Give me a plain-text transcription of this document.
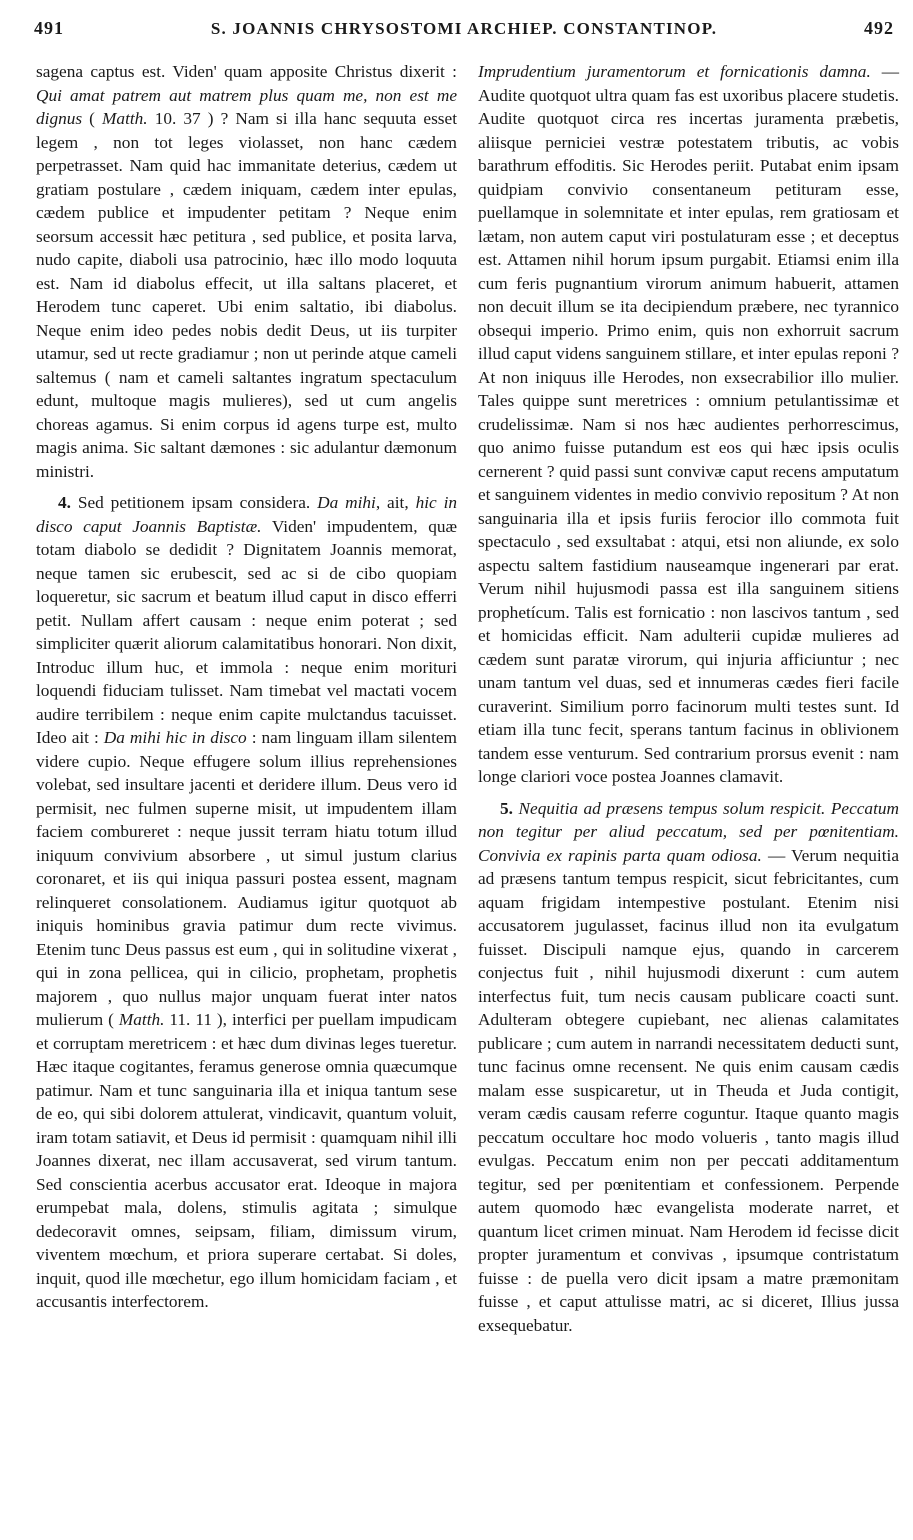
491	S. JOANNIS CHRYSOSTOMI ARCHIEP. CONSTANTINOP.	492

sagena captus est. Viden' quam apposite Christus dixerit : Qui amat patrem aut matrem plus quam me, non est me dignus ( Matth. 10. 37 ) ? Nam si illa hanc sequuta esset legem , non tot leges violasset, non hanc cædem perpetrasset. Nam quid hac immanitate deterius, cædem ut gratiam postulare , cædem iniquam, cædem inter epulas, cædem publice et impudenter petitam ? Neque enim seorsum accessit hæc petitura , sed publice, et posita larva, nudo capite, diaboli usa patrocinio, hæc illo modo loquuta est. Nam id diabolus effecit, ut illa saltans placeret, et Herodem tunc caperet. Ubi enim saltatio, ibi diabolus. Neque enim ideo pedes nobis dedit Deus, ut iis turpiter utamur, sed ut recte gradiamur ; non ut perinde atque cameli saltemus ( nam et cameli saltantes ingratum spectaculum edunt, multoque magis mulieres), sed ut cum angelis choreas agamus. Si enim corpus id agens turpe est, multo magis anima. Sic saltant dæmones : sic adulantur dæmonum ministri.

4. Sed petitionem ipsam considera. Da mihi, ait, hic in disco caput Joannis Baptistæ. Viden' impudentem, quæ totam diabolo se dedidit ? Dignitatem Joannis memorat, neque tamen sic erubescit, sed ac si de cibo quopiam loqueretur, sic sacrum et beatum illud caput in disco efferri petit. Nullam affert causam : neque enim poterat ; sed simpliciter quærit aliorum calamitatibus honorari. Non dixit, Introduc illum huc, et immola : neque enim morituri loquendi fiduciam tulisset. Nam timebat vel mactati vocem audire terribilem : neque enim capite mulctandus tacuisset. Ideo ait : Da mihi hic in disco : nam linguam illam silentem videre cupio. Neque effugere solum illius reprehensiones volebat, sed insultare jacenti et deridere illum. Deus vero id permisit, nec fulmen superne misit, ut impudentem illam faciem combureret : neque jussit terram hiatu totum illud iniquum convivium absorbere , ut simul justum clarius coronaret, et iis qui iniqua passuri postea essent, magnam relinqueret consolationem. Audiamus igitur quotquot ab iniquis hominibus gravia patimur dum recte vivimus. Etenim tunc Deus passus est eum , qui in solitudine vixerat , qui in zona pellicea, qui in cilicio, prophetam, prophetis majorem , quo nullus major unquam fuerat inter natos mulierum ( Matth. 11. 11 ), interfici per puellam impudicam et corruptam meretricem : et hæc dum divinas leges tueretur. Hæc itaque cogitantes, feramus generose omnia quæcumque patimur. Nam et tunc sanguinaria illa et iniqua tantum sese de eo, qui sibi dolorem attulerat, vindicavit, quantum voluit, iram totam satiavit, et Deus id permisit : quamquam nihil illi Joannes dixerat, nec illam accusaverat, sed virum tantum. Sed conscientia acerbus accusator erat. Ideoque in majora erumpebat mala, dolens, stimulis agitata ; simulque dedecoravit omnes, seipsam, filiam, dimissum virum, viventem mœchum, et priora superare certabat. Si doles, inquit, quod ille mœchetur, ego illum homicidam faciam , et accusantis interfectorem.

Imprudentium juramentorum et fornicationis damna. — Audite quotquot ultra quam fas est uxoribus placere studetis. Audite quotquot circa res incertas juramenta præbetis, aliisque perniciei vestræ potestatem tributis, ac vobis barathrum effoditis. Sic Herodes periit. Putabat enim ipsam quidpiam convivio consentaneum petituram esse, puellamque in solemnitate et inter epulas, rem gratiosam et lætam, non autem caput viri postulaturam esse ; et deceptus est. Attamen nihil horum ipsum purgabit. Etiamsi enim illa cum feris pugnantium virorum animum habuerit, attamen non decuit illum se ita decipiendum præbere, nec tyrannico obsequi imperio. Primo enim, quis non exhorruit sacrum illud caput videns sanguinem stillare, et inter epulas reponi ? At non iniquus ille Herodes, non exsecrabilior illo mulier. Tales quippe sunt meretrices : omnium petulantissimæ et crudelissimæ. Nam si nos hæc audientes perhorrescimus, quo animo fuisse putandum est eos qui hæc ipsis oculis cernerent ? quid passi sunt convivæ caput recens amputatum et sanguinem videntes in medio convivio repositum ? At non sanguinaria illa et ipsis furiis ferocior illo commota fuit spectaculo , sed exsultabat : atqui, etsi non aliunde, ex solo aspectu saltem fastidium nauseamque ingenerari par erat. Verum nihil hujusmodi passa est illa sanguinem sitiens prophetícum. Talis est fornicatio : non lascivos tantum , sed et homicidas efficit. Nam adulterii cupidæ mulieres ad cædem sunt paratæ virorum, qui injuria afficiuntur ; nec unam tantum vel duas, sed et innumeras cædes fieri facile curaverint. Similium porro facinorum multi testes sunt. Id etiam illa tunc fecit, sperans tantum facinus in oblivionem tandem esse venturum. Sed contrarium prorsus evenit : nam longe clariori voce postea Joannes clamavit.

5. Nequitia ad præsens tempus solum respicit. Peccatum non tegitur per aliud peccatum, sed per pœnitentiam. Convivia ex rapinis parta quam odiosa. — Verum nequitia ad præsens tantum tempus respicit, sicut febricitantes, cum aquam frigidam intempestive postulant. Etenim nisi accusatorem jugulasset, facinus illud non ita evulgatum fuisset. Discipuli namque ejus, quando in carcerem conjectus fuit , nihil hujusmodi dixerunt : cum autem interfectus fuit, tum necis causam publicare coacti sunt. Adulteram obtegere cupiebant, nec alienas calamitates publicare ; cum autem in narrandi necessitatem deducti sunt, tunc facinus omne recensent. Ne quis enim causam cædis malam esse suspicaretur, ut in Theuda et Juda contigit, veram cædis causam referre coguntur. Itaque quanto magis peccatum occultare hoc modo volueris , tanto magis illud evulgas. Peccatum enim non per peccati additamentum tegitur, sed per pœnitentiam et confessionem. Perpende autem quomodo hæc evangelista moderate narret, et quantum licet crimen minuat. Nam Herodem id fecisse dicit propter juramentum et convivas , ipsumque contristatum fuisse : de puella vero dicit ipsam a matre præmonitam fuisse , et caput attulisse matri, ac si diceret, Illius jussa exsequebatur.
